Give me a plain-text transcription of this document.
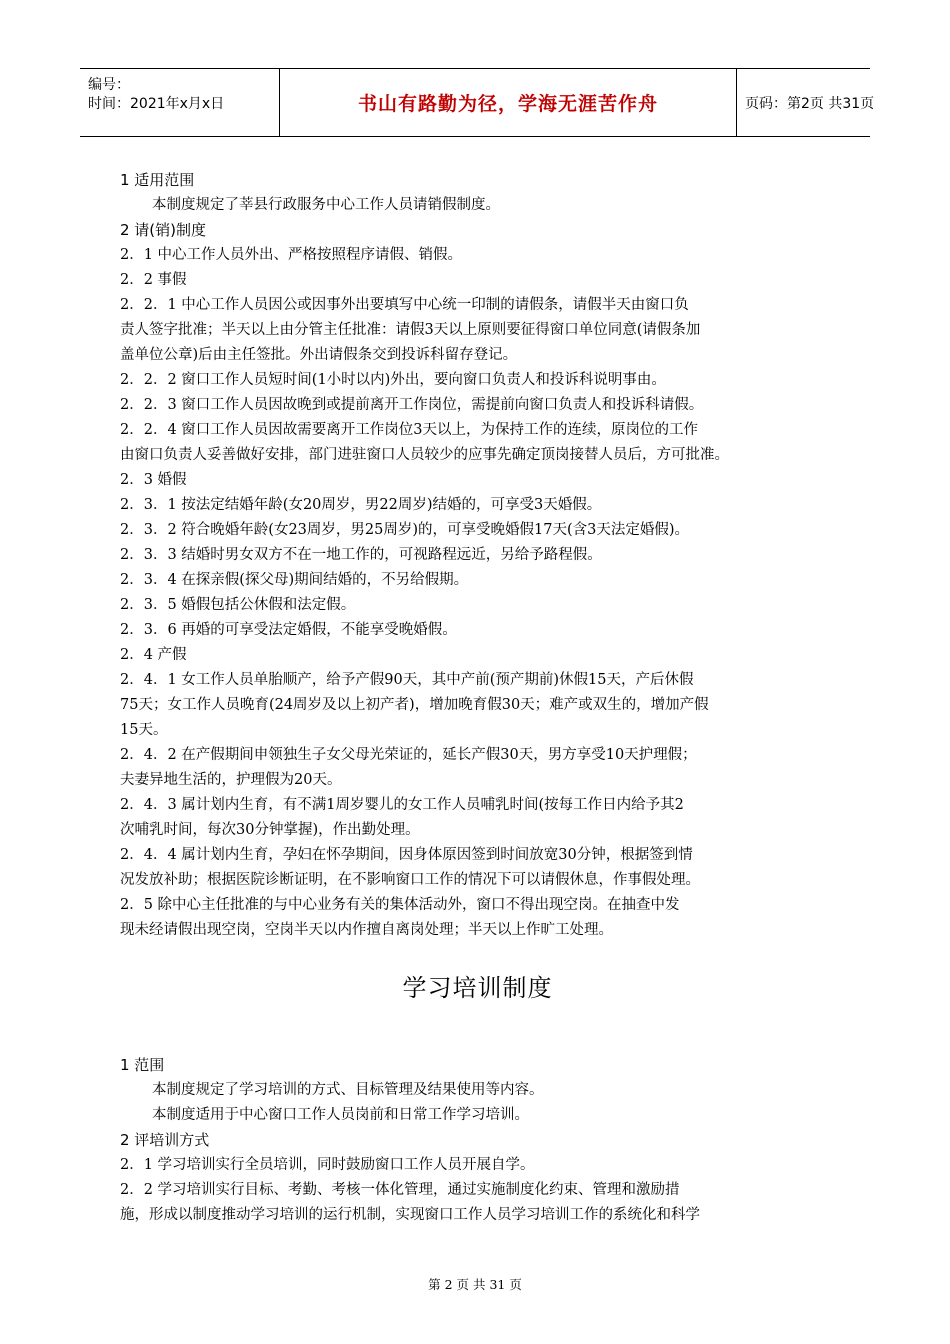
编号：
时间：2021年x月x日	书山有路勤为径，学海无涯苦作舟	页码：第2页 共31页
1 适用范围
本制度规定了莘县行政服务中心工作人员请销假制度。
2 请(销)制度
2．1 中心工作人员外出、严格按照程序请假、销假。
2．2 事假
2．2．1 中心工作人员因公或因事外出要填写中心统一印制的请假条，请假半天由窗口负
责人签字批准；半天以上由分管主任批准：请假3天以上原则要征得窗口单位同意(请假条加
盖单位公章)后由主任签批。外出请假条交到投诉科留存登记。
2．2．2 窗口工作人员短时间(1小时以内)外出，要向窗口负责人和投诉科说明事由。
2．2．3 窗口工作人员因故晚到或提前离开工作岗位，需提前向窗口负责人和投诉科请假。
2．2．4 窗口工作人员因故需要离开工作岗位3天以上，为保持工作的连续，原岗位的工作
由窗口负责人妥善做好安排，部门进驻窗口人员较少的应事先确定顶岗接替人员后，方可批准。
2．3 婚假
2．3．1 按法定结婚年龄(女20周岁，男22周岁)结婚的，可享受3天婚假。
2．3．2 符合晚婚年龄(女23周岁，男25周岁)的，可享受晚婚假17天(含3天法定婚假)。
2．3．3 结婚时男女双方不在一地工作的，可视路程远近，另给予路程假。
2．3．4 在探亲假(探父母)期间结婚的，不另给假期。
2．3．5 婚假包括公休假和法定假。
2．3．6 再婚的可享受法定婚假，不能享受晚婚假。
2．4 产假
2．4．1 女工作人员单胎顺产，给予产假90天，其中产前(预产期前)休假15天，产后休假
75天；女工作人员晚育(24周岁及以上初产者)，增加晚育假30天；难产或双生的，增加产假
15天。
2．4．2 在产假期间申领独生子女父母光荣证的，延长产假30天，男方享受10天护理假；
夫妻异地生活的，护理假为20天。
2．4．3 属计划内生育，有不满1周岁婴儿的女工作人员哺乳时间(按每工作日内给予其2
次哺乳时间，每次30分钟掌握)，作出勤处理。
2．4．4 属计划内生育，孕妇在怀孕期间，因身体原因签到时间放宽30分钟，根据签到情
况发放补助；根据医院诊断证明，在不影响窗口工作的情况下可以请假休息，作事假处理。
2．5 除中心主任批准的与中心业务有关的集体活动外，窗口不得出现空岗。在抽查中发
现未经请假出现空岗，空岗半天以内作擅自离岗处理；半天以上作旷工处理。
学习培训制度
1 范围
本制度规定了学习培训的方式、目标管理及结果使用等内容。
本制度适用于中心窗口工作人员岗前和日常工作学习培训。
2 评培训方式
2．1 学习培训实行全员培训，同时鼓励窗口工作人员开展自学。
2．2 学习培训实行目标、考勤、考核一体化管理，通过实施制度化约束、管理和激励措
施，形成以制度推动学习培训的运行机制，实现窗口工作人员学习培训工作的系统化和科学
第 2 页 共 31 页
